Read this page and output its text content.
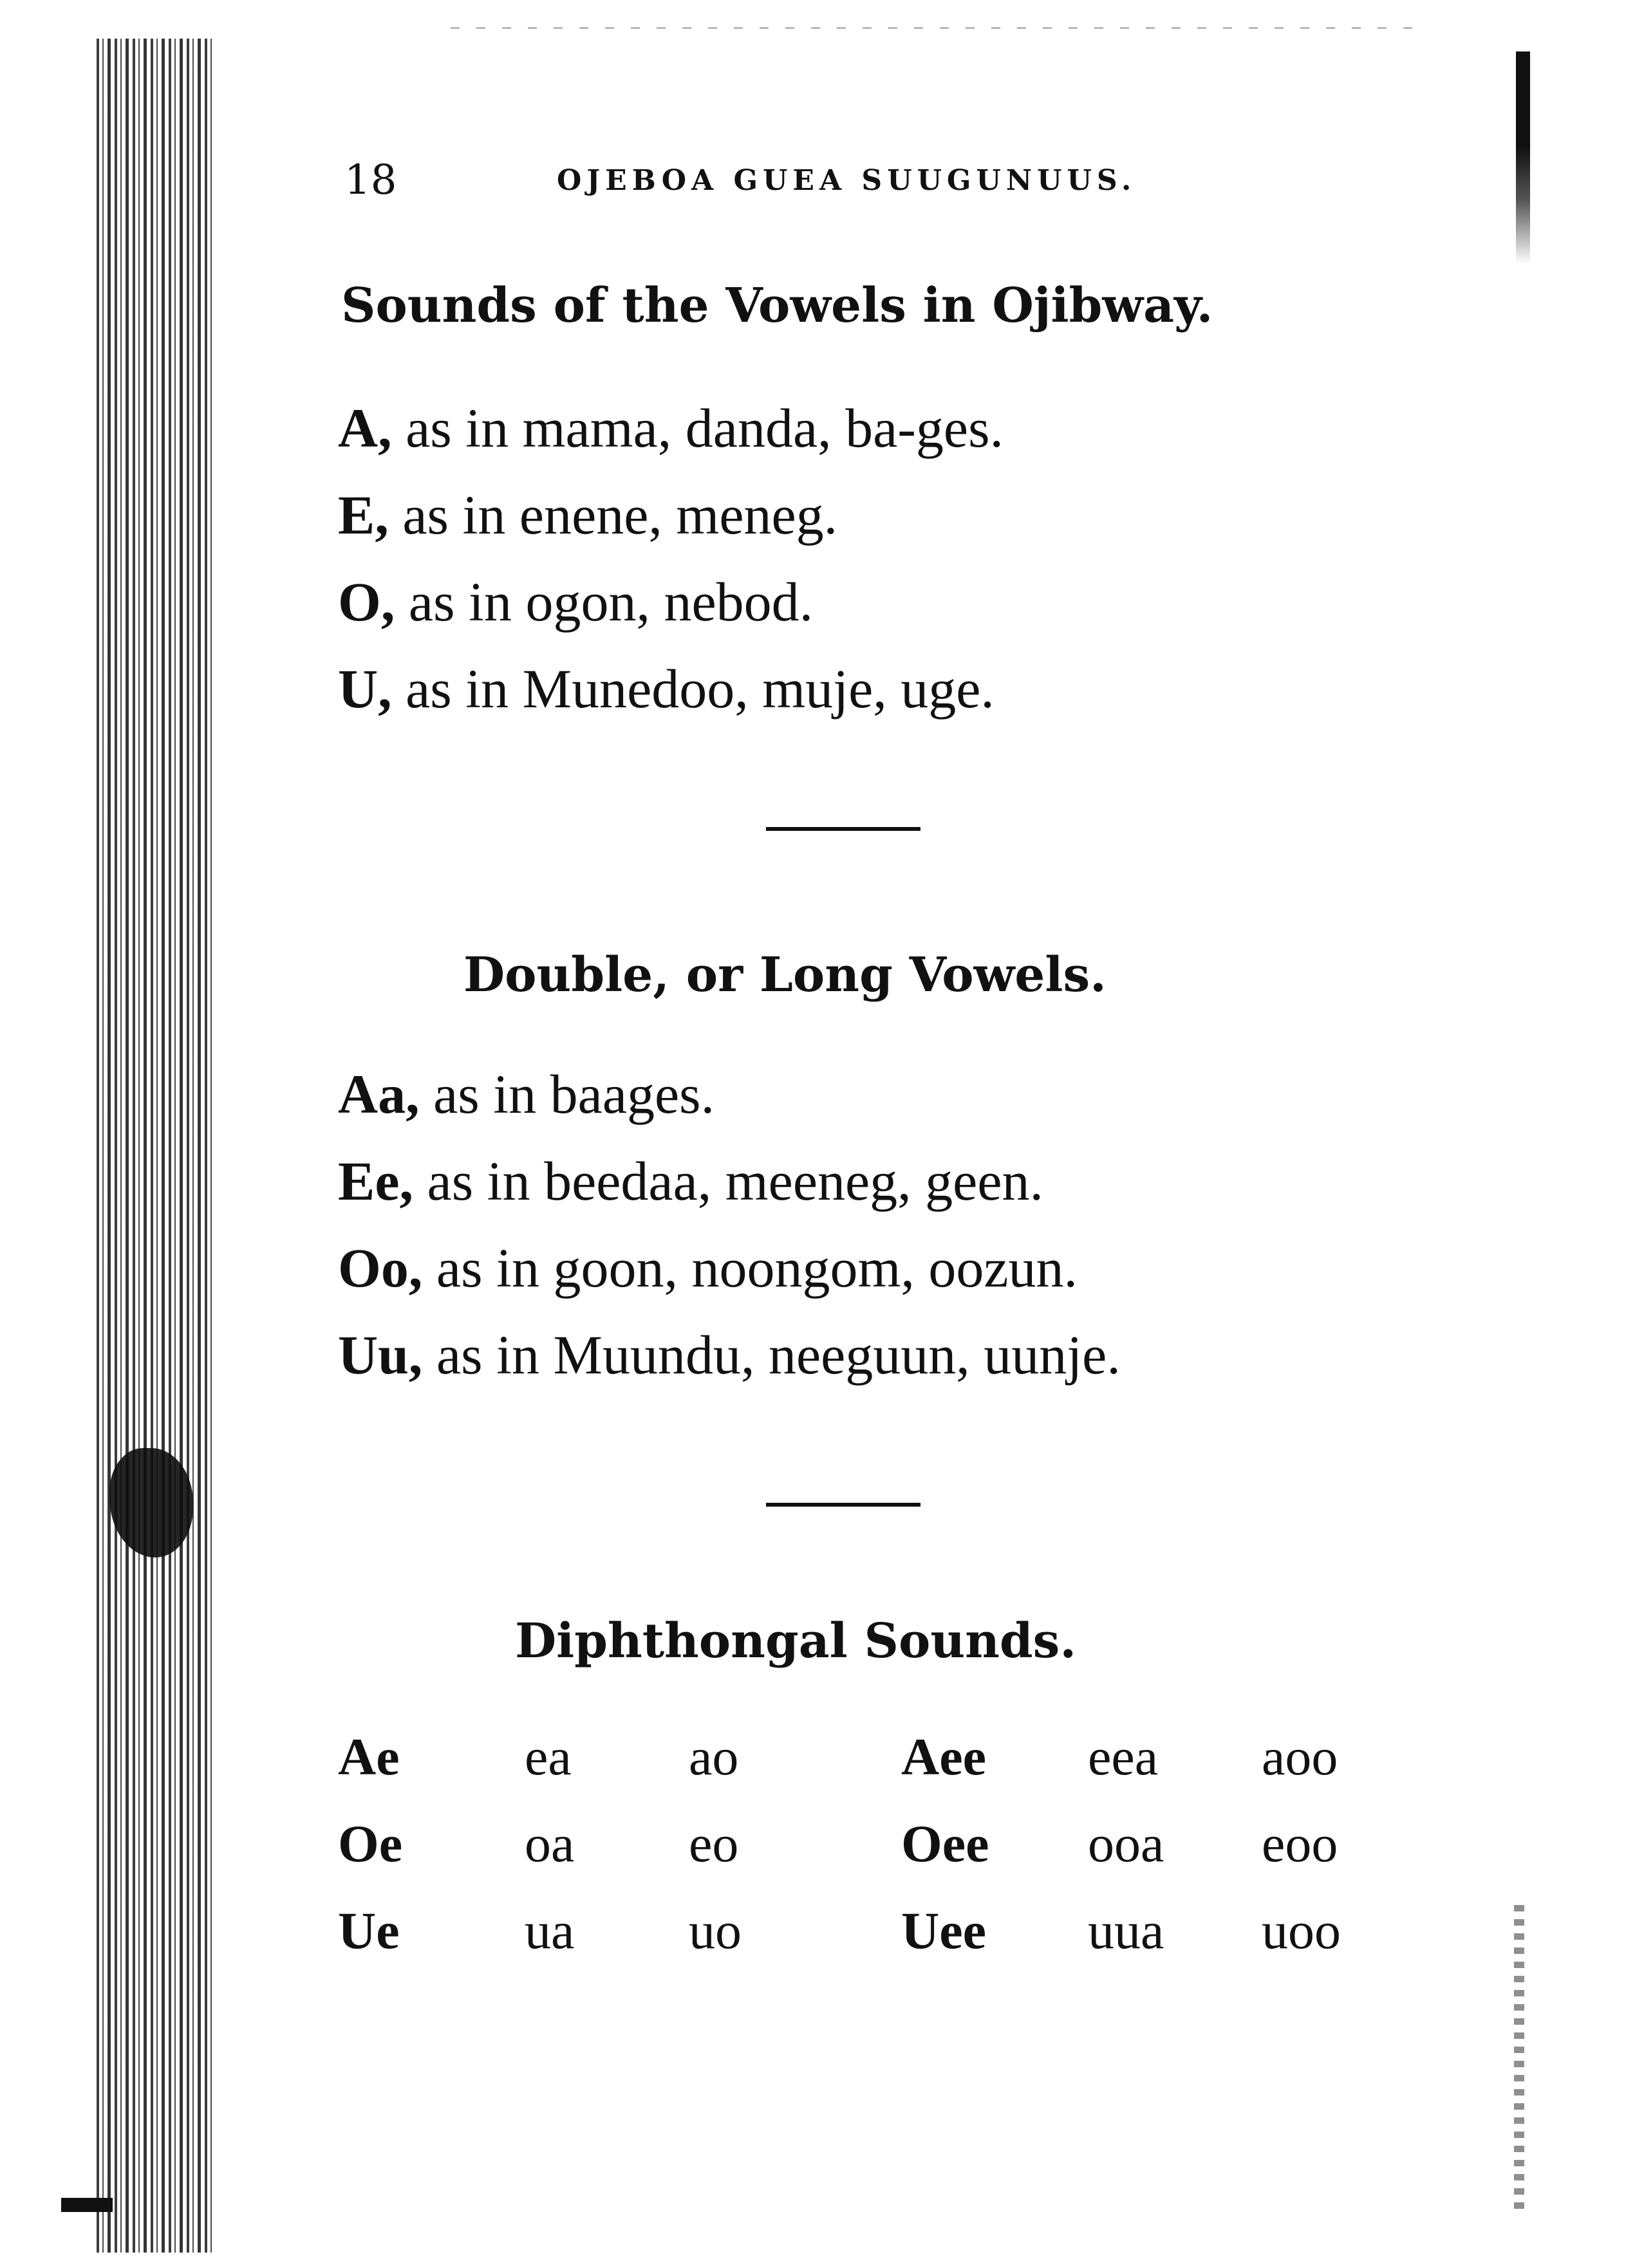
18	OJEBOA GUEA SUUGUNUUS.
Sounds of the Vowels in Ojibway.
A, as in mama, danda, ba-ges.
E, as in enene, meneg.
O, as in ogon, nebod.
U, as in Munedoo, muje, uge.
Double, or Long Vowels.
Aa, as in baages.
Ee, as in beedaa, meeneg, geen.
Oo, as in goon, noongom, oozun.
Uu, as in Muundu, neeguun, uunje.
Diphthongal Sounds.
Ae ea ao	Aee eea aoo
Oe oa eo	Oee ooa eoo
Ue ua uo	Uee uua uoo
